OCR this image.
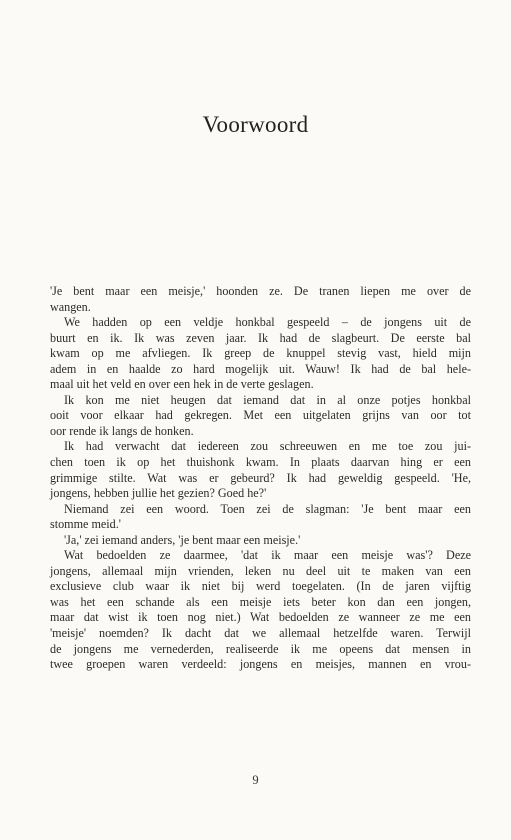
Voorwoord
'Je bent maar een meisje,' hoonden ze. De tranen liepen me over de
wangen.
We hadden op een veldje honkbal gespeeld – de jongens uit de
buurt en ik. Ik was zeven jaar. Ik had de slagbeurt. De eerste bal
kwam op me afvliegen. Ik greep de knuppel stevig vast, hield mijn
adem in en haalde zo hard mogelijk uit. Wauw! Ik had de bal hele-
maal uit het veld en over een hek in de verte geslagen.
Ik kon me niet heugen dat iemand dat in al onze potjes honkbal
ooit voor elkaar had gekregen. Met een uitgelaten grijns van oor tot
oor rende ik langs de honken.
Ik had verwacht dat iedereen zou schreeuwen en me toe zou jui-
chen toen ik op het thuishonk kwam. In plaats daarvan hing er een
grimmige stilte. Wat was er gebeurd? Ik had geweldig gespeeld. 'He,
jongens, hebben jullie het gezien? Goed he?'
Niemand zei een woord. Toen zei de slagman: 'Je bent maar een
stomme meid.'
'Ja,' zei iemand anders, 'je bent maar een meisje.'
Wat bedoelden ze daarmee, 'dat ik maar een meisje was'? Deze
jongens, allemaal mijn vrienden, leken nu deel uit te maken van een
exclusieve club waar ik niet bij werd toegelaten. (In de jaren vijftig
was het een schande als een meisje iets beter kon dan een jongen,
maar dat wist ik toen nog niet.) Wat bedoelden ze wanneer ze me een
'meisje' noemden? Ik dacht dat we allemaal hetzelfde waren. Terwijl
de jongens me vernederden, realiseerde ik me opeens dat mensen in
twee groepen waren verdeeld: jongens en meisjes, mannen en vrou-
9
